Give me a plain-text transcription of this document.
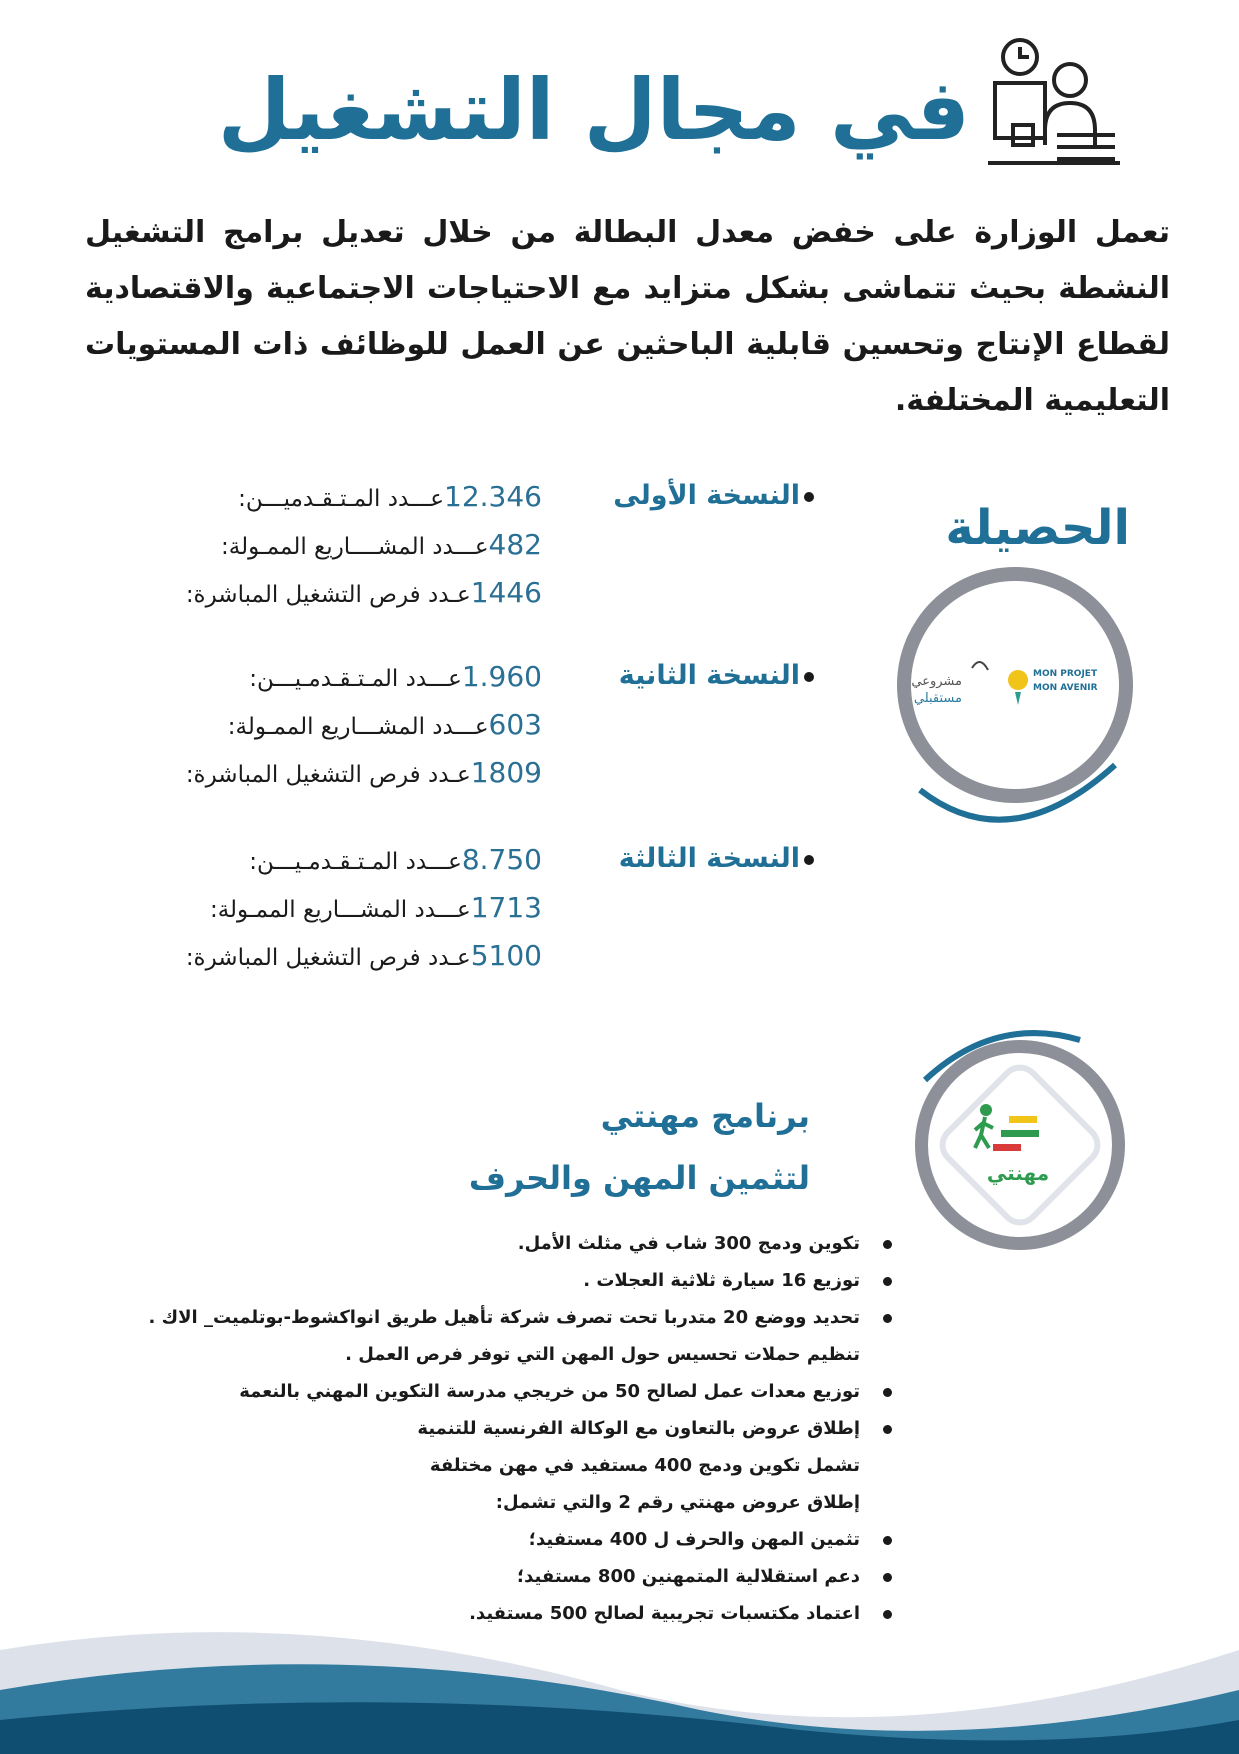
في مجال التشغيل
تعمل الوزارة على خفض معدل البطالة من خلال تعديل برامج التشغيل النشطة بحيث تتماشى بشكل متزايد مع الاحتياجات الاجتماعية والاقتصادية لقطاع الإنتاج وتحسين قابلية الباحثين عن العمل للوظائف ذات المستويات التعليمية المختلفة.
الحصيلة
مشروعي
مستقبلي
MON PROJET
MON AVENIR
النسخة الأولى
عـــدد المـتـقـدميـــن: 12.346
عـــدد المشــــاريع الممـولة: 482
عـدد فرص التشغيل المباشرة: 1446
النسخة الثانية
عـــدد المـتـقـدمـيـــن: 1.960
عـــدد المشـــاريع الممـولة: 603
عـدد فرص التشغيل المباشرة: 1809
النسخة الثالثة
عـــدد المـتـقـدمـيـــن: 8.750
عـــدد المشـــاريع الممـولة: 1713
عـدد فرص التشغيل المباشرة: 5100
مهنتي
برنامج مهنتي
لتثمين المهن والحرف
تكوين ودمج 300 شاب في مثلث الأمل.
توزيع 16 سيارة ثلاثية العجلات .
تحديد ووضع 20 متدربا تحت تصرف شركة تأهيل طريق انواكشوط-بوتلميت_ الاك .
تنظيم حملات تحسيس حول المهن التي توفر فرص العمل .
توزيع معدات عمل لصالح 50 من خريجي مدرسة التكوين المهني بالنعمة
إطلاق عروض بالتعاون مع الوكالة الفرنسية للتنمية
تشمل تكوين ودمج 400 مستفيد في مهن مختلفة
إطلاق عروض مهنتي رقم 2 والتي تشمل:
تثمين المهن والحرف ل 400 مستفيد؛
دعم استقلالية المتمهنين 800 مستفيد؛
اعتماد مكتسبات تجريبية لصالح 500 مستفيد.
